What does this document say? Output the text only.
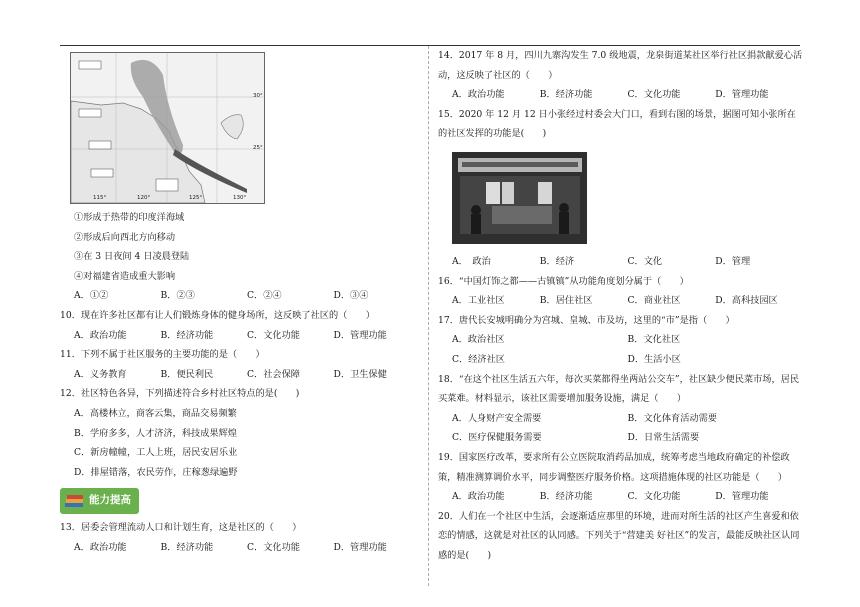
115°	120°	125°	130°
30°
25°

①形成于热带的印度洋海域

②形成后向西北方向移动

③在 3 日夜间 4 日凌晨登陆

④对福建省造成重大影响

A．①②	B．②③	C．②④	D．③④

10．现在许多社区都有让人们锻炼身体的健身场所，这反映了社区的（　　）

A．政治功能	B．经济功能	C．文化功能	D．管理功能

11．下列不属于社区服务的主要功能的是（　　）

A．义务教育	B．便民利民	C．社会保障	D．卫生保健

12．社区特色各异，下列描述符合乡村社区特点的是(　　)

A．高楼林立，商客云集，商品交易频繁

B．学府多多，人才济济，科技成果辉煌

C．新房幢幢，工人上班，居民安居乐业

D．排屋错落，农民劳作，庄稼葱绿遍野

能力提高

13．居委会管理流动人口和计划生育，这是社区的（　　）

A．政治功能	B．经济功能	C．文化功能	D．管理功能

14．2017 年 8 月，四川九寨沟发生 7.0 级地震，龙泉街道某社区举行社区捐款献爱心活动，这反映了社区的（　　）

A．政治功能	B．经济功能	C．文化功能	D．管理功能

15．2020 年 12 月 12 日小张经过村委会大门口，看到右图的场景，据图可知小张所在的社区发挥的功能是(　　)

A．　政治	B．经济	C．文化	D．管理

16．“中国灯饰之都——古镇镇”从功能角度划分属于（　　）

A．工业社区	B．居住社区	C．商业社区	D．高科技园区

17．唐代长安城明确分为宫城、皇城、市及坊，这里的“市”是指（　　）

A．政治社区	B．文化社区
C．经济社区	D．生活小区

18．“在这个社区生活五六年，每次买菜都得坐两站公交车”，社区缺少便民菜市场，居民买菜难。材料显示，该社区需要增加服务设施，满足（　　）

A．人身财产安全需要	B．文化体育活动需要
C．医疗保健服务需要	D．日常生活需要

19．国家医疗改革，要求所有公立医院取消药品加成，统筹考虑当地政府确定的补偿政策，精准测算调价水平，同步调整医疗服务价格。这项措施体现的社区功能是（　　）

A．政治功能	B．经济功能	C．文化功能	D．管理功能

20．人们在一个社区中生活，会逐渐适应那里的环境，进而对所生活的社区产生喜爱和依恋的情感，这就是对社区的认同感。下列关于“营建美 好社区”的发言，最能反映社区认同感的是(　　)
